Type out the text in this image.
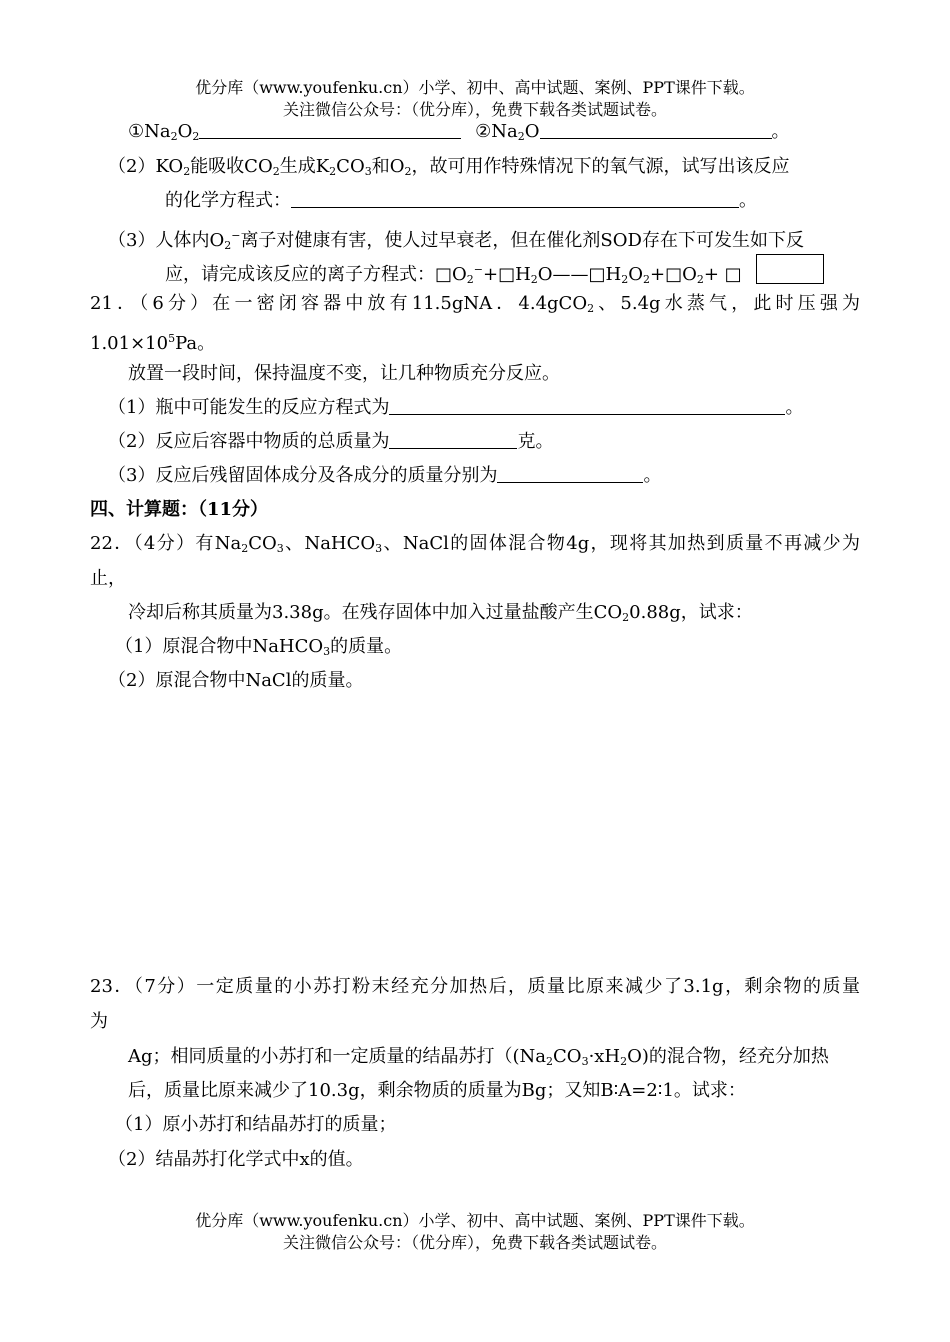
优分库（www.youfenku.cn）小学、初中、高中试题、案例、PPT课件下载。
关注微信公众号：（优分库），免费下载各类试题试卷。
$①Na_2O_2$	$②Na_2O$	。
$(2)KO_2$能吸收$CO_2$生成$K_2CO_3$和$O_2$，故可用作特殊情况下的氧气源，试写出该反应
的化学方程式：	。
（3）人体内$O_2^-$离子对健康有害，使人过早衰老，但在催化剂SOD存在下可发生如下反
应，请完成该反应的离子方程式：$□O_2^-+□H_2O——□H_2O_2+□O_2+$ □
21．（6分）在一密闭容器中放有11.5gNA．4.4gCO$_2$、5.4g水蒸气，此时压强为
$1.01\times 10^5Pa$。
放置一段时间，保持温度不变，让几种物质充分反应。
（1）瓶中可能发生的反应方程式为	。
（2）反应后容器中物质的总质量为	克。
（3）反应后残留固体成分及各成分的质量分别为	。
四、计算题：（11分）
22．（4分）有$Na_2CO_3$、NaHCO$_3$、NaCl的固体混合物4g，现将其加热到质量不再减少为
止，
冷却后称其质量为3.38g。在残存固体中加入过量盐酸产生$CO_20.88g$，试求：
（1）原混合物中NaHCO$_3$的质量。
（2）原混合物中NaCl的质量。
23．（7分）一定质量的小苏打粉末经充分加热后，质量比原来减少了3.1g，剩余物的质量
为
Ag；相同质量的小苏打和一定质量的结晶苏打（$(Na_2CO_3\cdot xH_2O)$的混合物，经充分加热
后，质量比原来减少了10.3g，剩余物质的质量为Bg；又知B∶A=2∶1。试求：
（1）原小苏打和结晶苏打的质量；
（2）结晶苏打化学式中x的值。
优分库（www.youfenku.cn）小学、初中、高中试题、案例、PPT课件下载。
关注微信公众号：（优分库），免费下载各类试题试卷。
